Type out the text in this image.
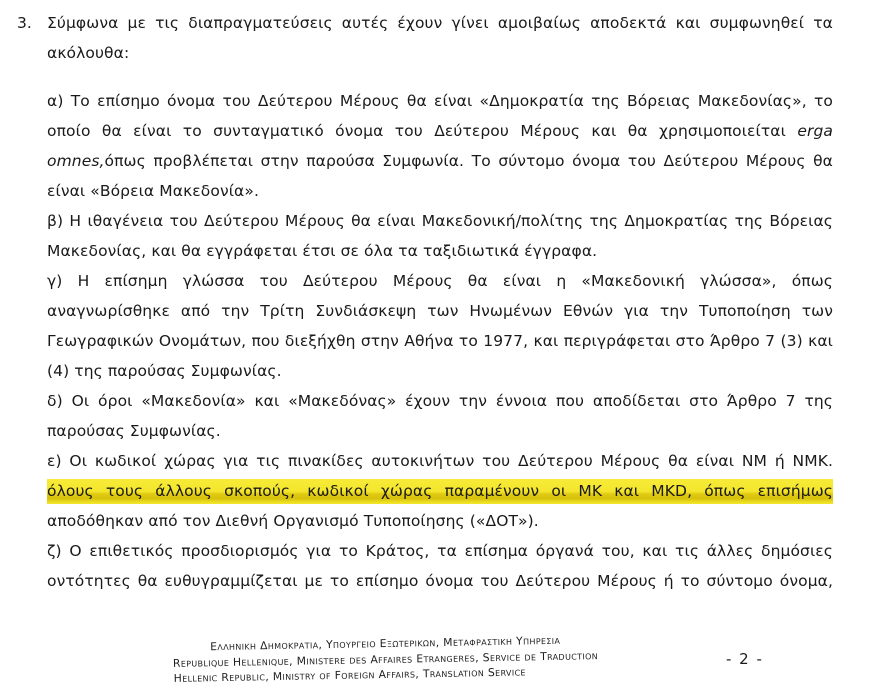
3. Σύμφωνα με τις διαπραγματεύσεις αυτές έχουν γίνει αμοιβαίως αποδεκτά και συμφωνηθεί τα
ακόλουθα:
α) Το επίσημο όνομα του Δεύτερου Μέρους θα είναι «Δημοκρατία της Βόρειας Μακεδονίας», το
οποίο θα είναι το συνταγματικό όνομα του Δεύτερου Μέρους και θα χρησιμοποιείται erga
omnes,όπως προβλέπεται στην παρούσα Συμφωνία. Το σύντομο όνομα του Δεύτερου Μέρους θα
είναι «Βόρεια Μακεδονία».
β) Η ιθαγένεια του Δεύτερου Μέρους θα είναι Μακεδονική/πολίτης της Δημοκρατίας της Βόρειας
Μακεδονίας, και θα εγγράφεται έτσι σε όλα τα ταξιδιωτικά έγγραφα.
γ) Η επίσημη γλώσσα του Δεύτερου Μέρους θα είναι η «Μακεδονική γλώσσα», όπως
αναγνωρίσθηκε από την Τρίτη Συνδιάσκεψη των Ηνωμένων Εθνών για την Τυποποίηση των
Γεωγραφικών Ονομάτων, που διεξήχθη στην Αθήνα το 1977, και περιγράφεται στο Άρθρο 7 (3) και
(4) της παρούσας Συμφωνίας.
δ) Οι όροι «Μακεδονία» και «Μακεδόνας» έχουν την έννοια που αποδίδεται στο Άρθρο 7 της
παρούσας Συμφωνίας.
ε) Οι κωδικοί χώρας για τις πινακίδες αυτοκινήτων του Δεύτερου Μέρους θα είναι ΝΜ ή ΝΜΚ.
όλους τους άλλους σκοπούς, κωδικοί χώρας παραμένουν οι ΜΚ και MKD, όπως επισήμως
αποδόθηκαν από τον Διεθνή Οργανισμό Τυποποίησης («ΔΟΤ»).
ζ) Ο επιθετικός προσδιορισμός για το Κράτος, τα επίσημα όργανά του, και τις άλλες δημόσιες
οντότητες θα ευθυγραμμίζεται με το επίσημο όνομα του Δεύτερου Μέρους ή το σύντομο όνομα,
Ελληνικη Δημοκρατια, Υπουργειο Εξωτερικων, Μεταφραστικη Υπηρεσια
Republique Hellenique, Ministere des Affaires Etrangeres, Service de Traduction
Hellenic Republic, Ministry of Foreign Affairs, Translation Service
- 2 -
